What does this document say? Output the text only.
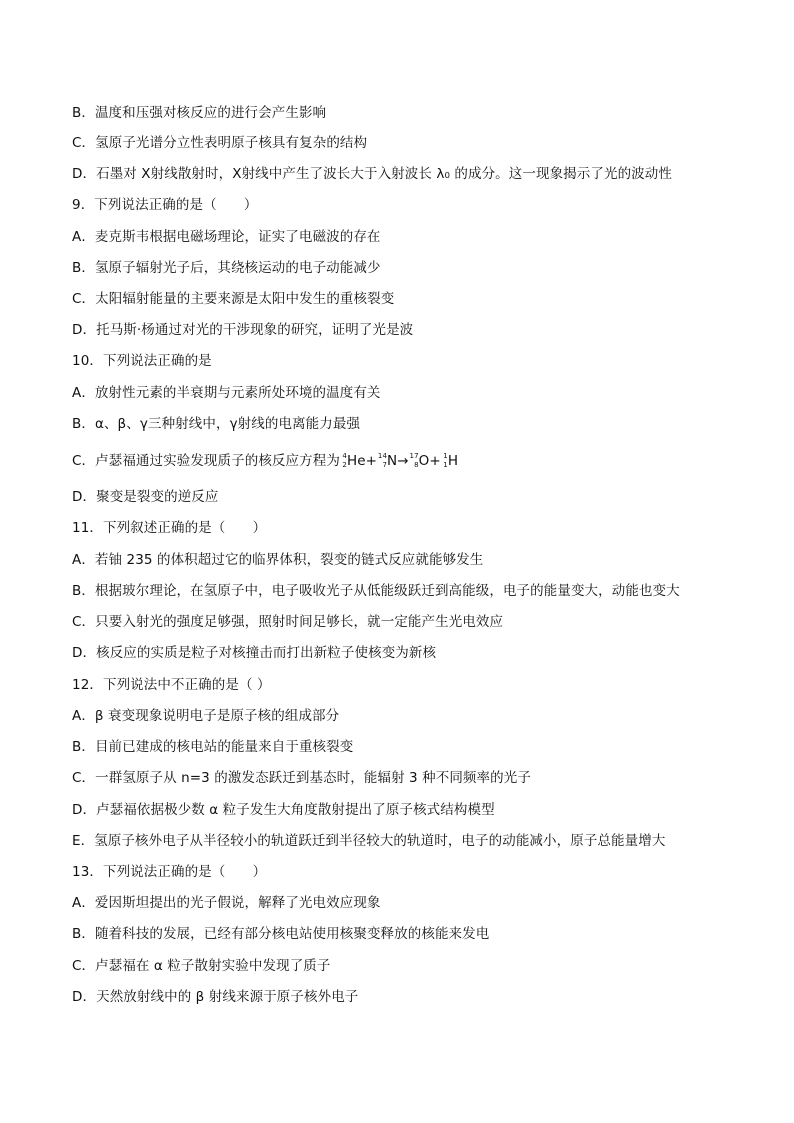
B．温度和压强对核反应的进行会产生影响
C．氢原子光谱分立性表明原子核具有复杂的结构
D．石墨对 X射线散射时，X射线中产生了波长大于入射波长 λ₀ 的成分。这一现象揭示了光的波动性
9．下列说法正确的是（　　）
A．麦克斯韦根据电磁场理论，证实了电磁波的存在
B．氢原子辐射光子后，其绕核运动的电子动能减少
C．太阳辐射能量的主要来源是太阳中发生的重核裂变
D．托马斯·杨通过对光的干涉现象的研究，证明了光是波
10．下列说法正确的是
A．放射性元素的半衰期与元素所处环境的温度有关
B．α、β、γ三种射线中，γ射线的电离能力最强
C．卢瑟福通过实验发现质子的核反应方程为 4
2 He+ 14
7 N→ 17
8 O+ 1
1 H
D．聚变是裂变的逆反应
11．下列叙述正确的是（　　）
A．若铀 235 的体积超过它的临界体积，裂变的链式反应就能够发生
B．根据玻尔理论，在氢原子中，电子吸收光子从低能级跃迁到高能级，电子的能量变大，动能也变大
C．只要入射光的强度足够强，照射时间足够长，就一定能产生光电效应
D．核反应的实质是粒子对核撞击而打出新粒子使核变为新核
12．下列说法中不正确的是（ ）
A．β 衰变现象说明电子是原子核的组成部分
B．目前已建成的核电站的能量来自于重核裂变
C．一群氢原子从 n=3 的激发态跃迁到基态时，能辐射 3 种不同频率的光子
D．卢瑟福依据极少数 α 粒子发生大角度散射提出了原子核式结构模型
E．氢原子核外电子从半径较小的轨道跃迁到半径较大的轨道时，电子的动能减小，原子总能量增大
13．下列说法正确的是（　　）
A．爱因斯坦提出的光子假说，解释了光电效应现象
B．随着科技的发展，已经有部分核电站使用核聚变释放的核能来发电
C．卢瑟福在 α 粒子散射实验中发现了质子
D．天然放射线中的 β 射线来源于原子核外电子
